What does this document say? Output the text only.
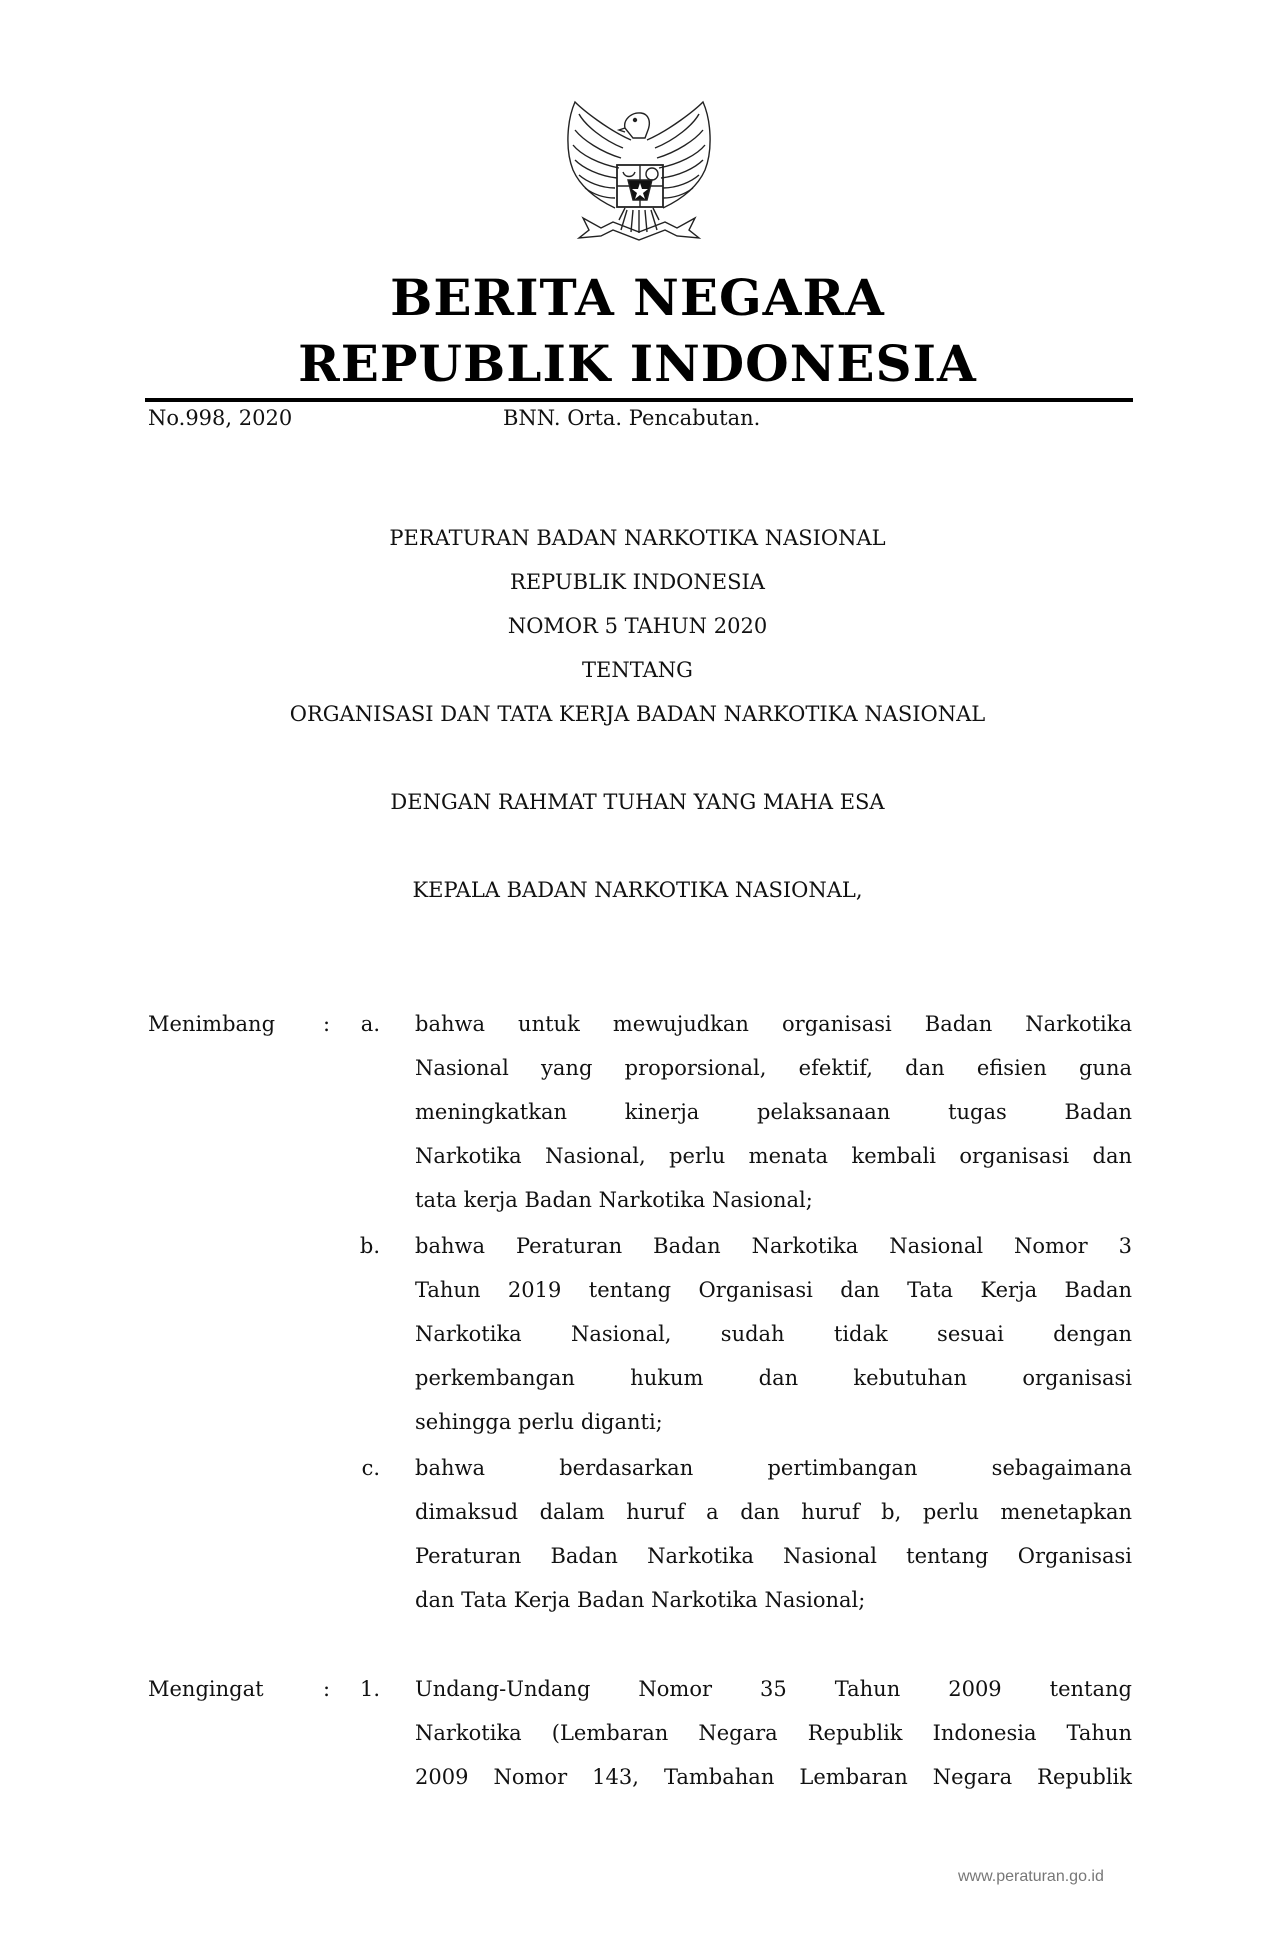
BERITA NEGARA
REPUBLIK INDONESIA
No.998, 2020	BNN. Orta. Pencabutan.
PERATURAN BADAN NARKOTIKA NASIONAL
REPUBLIK INDONESIA
NOMOR 5 TAHUN 2020
TENTANG
ORGANISASI DAN TATA KERJA BADAN NARKOTIKA NASIONAL
DENGAN RAHMAT TUHAN YANG MAHA ESA
KEPALA BADAN NARKOTIKA NASIONAL,
Menimbang :	a. bahwa untuk mewujudkan organisasi Badan Narkotika
Nasional yang proporsional, efektif, dan efisien guna
meningkatkan kinerja pelaksanaan tugas Badan
Narkotika Nasional, perlu menata kembali organisasi dan
tata kerja Badan Narkotika Nasional;
b. bahwa Peraturan Badan Narkotika Nasional Nomor 3
Tahun 2019 tentang Organisasi dan Tata Kerja Badan
Narkotika Nasional, sudah tidak sesuai dengan
perkembangan hukum dan kebutuhan organisasi
sehingga perlu diganti;
c. bahwa berdasarkan pertimbangan sebagaimana
dimaksud dalam huruf a dan huruf b, perlu menetapkan
Peraturan Badan Narkotika Nasional tentang Organisasi
dan Tata Kerja Badan Narkotika Nasional;
Mengingat	:	1. Undang-Undang Nomor 35 Tahun 2009 tentang
Narkotika (Lembaran Negara Republik Indonesia Tahun
2009 Nomor 143, Tambahan Lembaran Negara Republik
www.peraturan.go.id
